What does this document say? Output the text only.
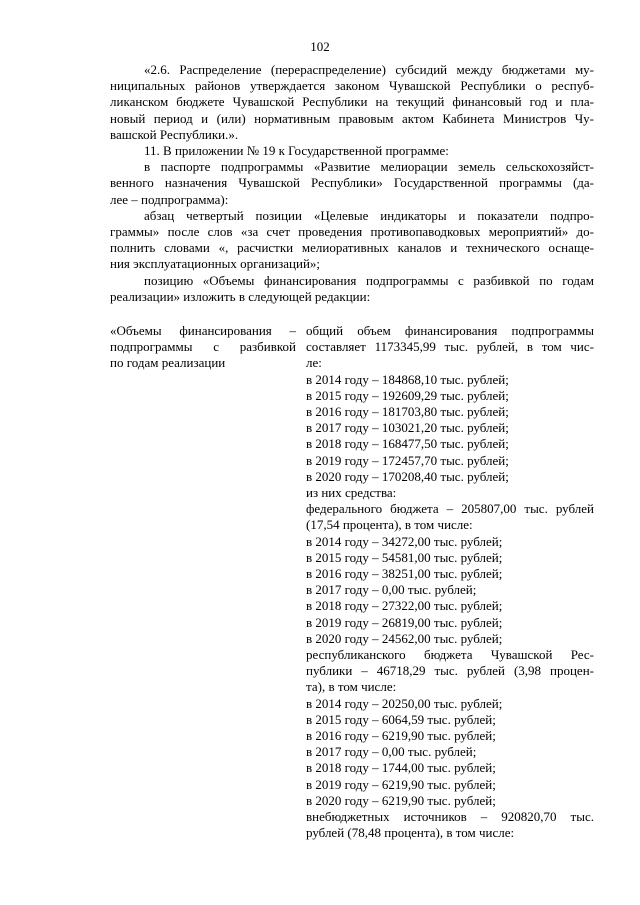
102

«2.6. Распределение (перераспределение) субсидий между бюджетами му-
ниципальных районов утверждается законом Чувашской Республики о респуб-
ликанском бюджете Чувашской Республики на текущий финансовый год и пла-
новый период и (или) нормативным правовым актом Кабинета Министров Чу-
вашской Республики.».

11. В приложении № 19 к Государственной программе:

в паспорте подпрограммы «Развитие мелиорации земель сельскохозяйст-
венного назначения Чувашской Республики» Государственной программы (да-
лее – подпрограмма):

абзац четвертый позиции «Целевые индикаторы и показатели подпро-
граммы» после слов «за счет проведения противопаводковых мероприятий» до-
полнить словами «, расчистки мелиоративных каналов и технического оснаще-
ния эксплуатационных организаций»;

позицию «Объемы финансирования подпрограммы с разбивкой по годам
реализации» изложить в следующей редакции:

«Объемы финансирования –
подпрограммы с разбивкой
по годам реализации
общий объем финансирования подпрограммы
составляет 1173345,99 тыс. рублей, в том чис-
ле:
в 2014 году – 184868,10 тыс. рублей;
в 2015 году – 192609,29 тыс. рублей;
в 2016 году – 181703,80 тыс. рублей;
в 2017 году – 103021,20 тыс. рублей;
в 2018 году – 168477,50 тыс. рублей;
в 2019 году – 172457,70 тыс. рублей;
в 2020 году – 170208,40 тыс. рублей;
из них средства:
федерального бюджета – 205807,00 тыс. рублей
(17,54 процента), в том числе:
в 2014 году – 34272,00 тыс. рублей;
в 2015 году – 54581,00 тыс. рублей;
в 2016 году – 38251,00 тыс. рублей;
в 2017 году – 0,00 тыс. рублей;
в 2018 году – 27322,00 тыс. рублей;
в 2019 году – 26819,00 тыс. рублей;
в 2020 году – 24562,00 тыс. рублей;
республиканского бюджета Чувашской Рес-
публики – 46718,29 тыс. рублей (3,98 процен-
та), в том числе:
в 2014 году – 20250,00 тыс. рублей;
в 2015 году – 6064,59 тыс. рублей;
в 2016 году – 6219,90 тыс. рублей;
в 2017 году – 0,00 тыс. рублей;
в 2018 году – 1744,00 тыс. рублей;
в 2019 году – 6219,90 тыс. рублей;
в 2020 году – 6219,90 тыс. рублей;
внебюджетных источников – 920820,70 тыс.
рублей (78,48 процента), в том числе:
